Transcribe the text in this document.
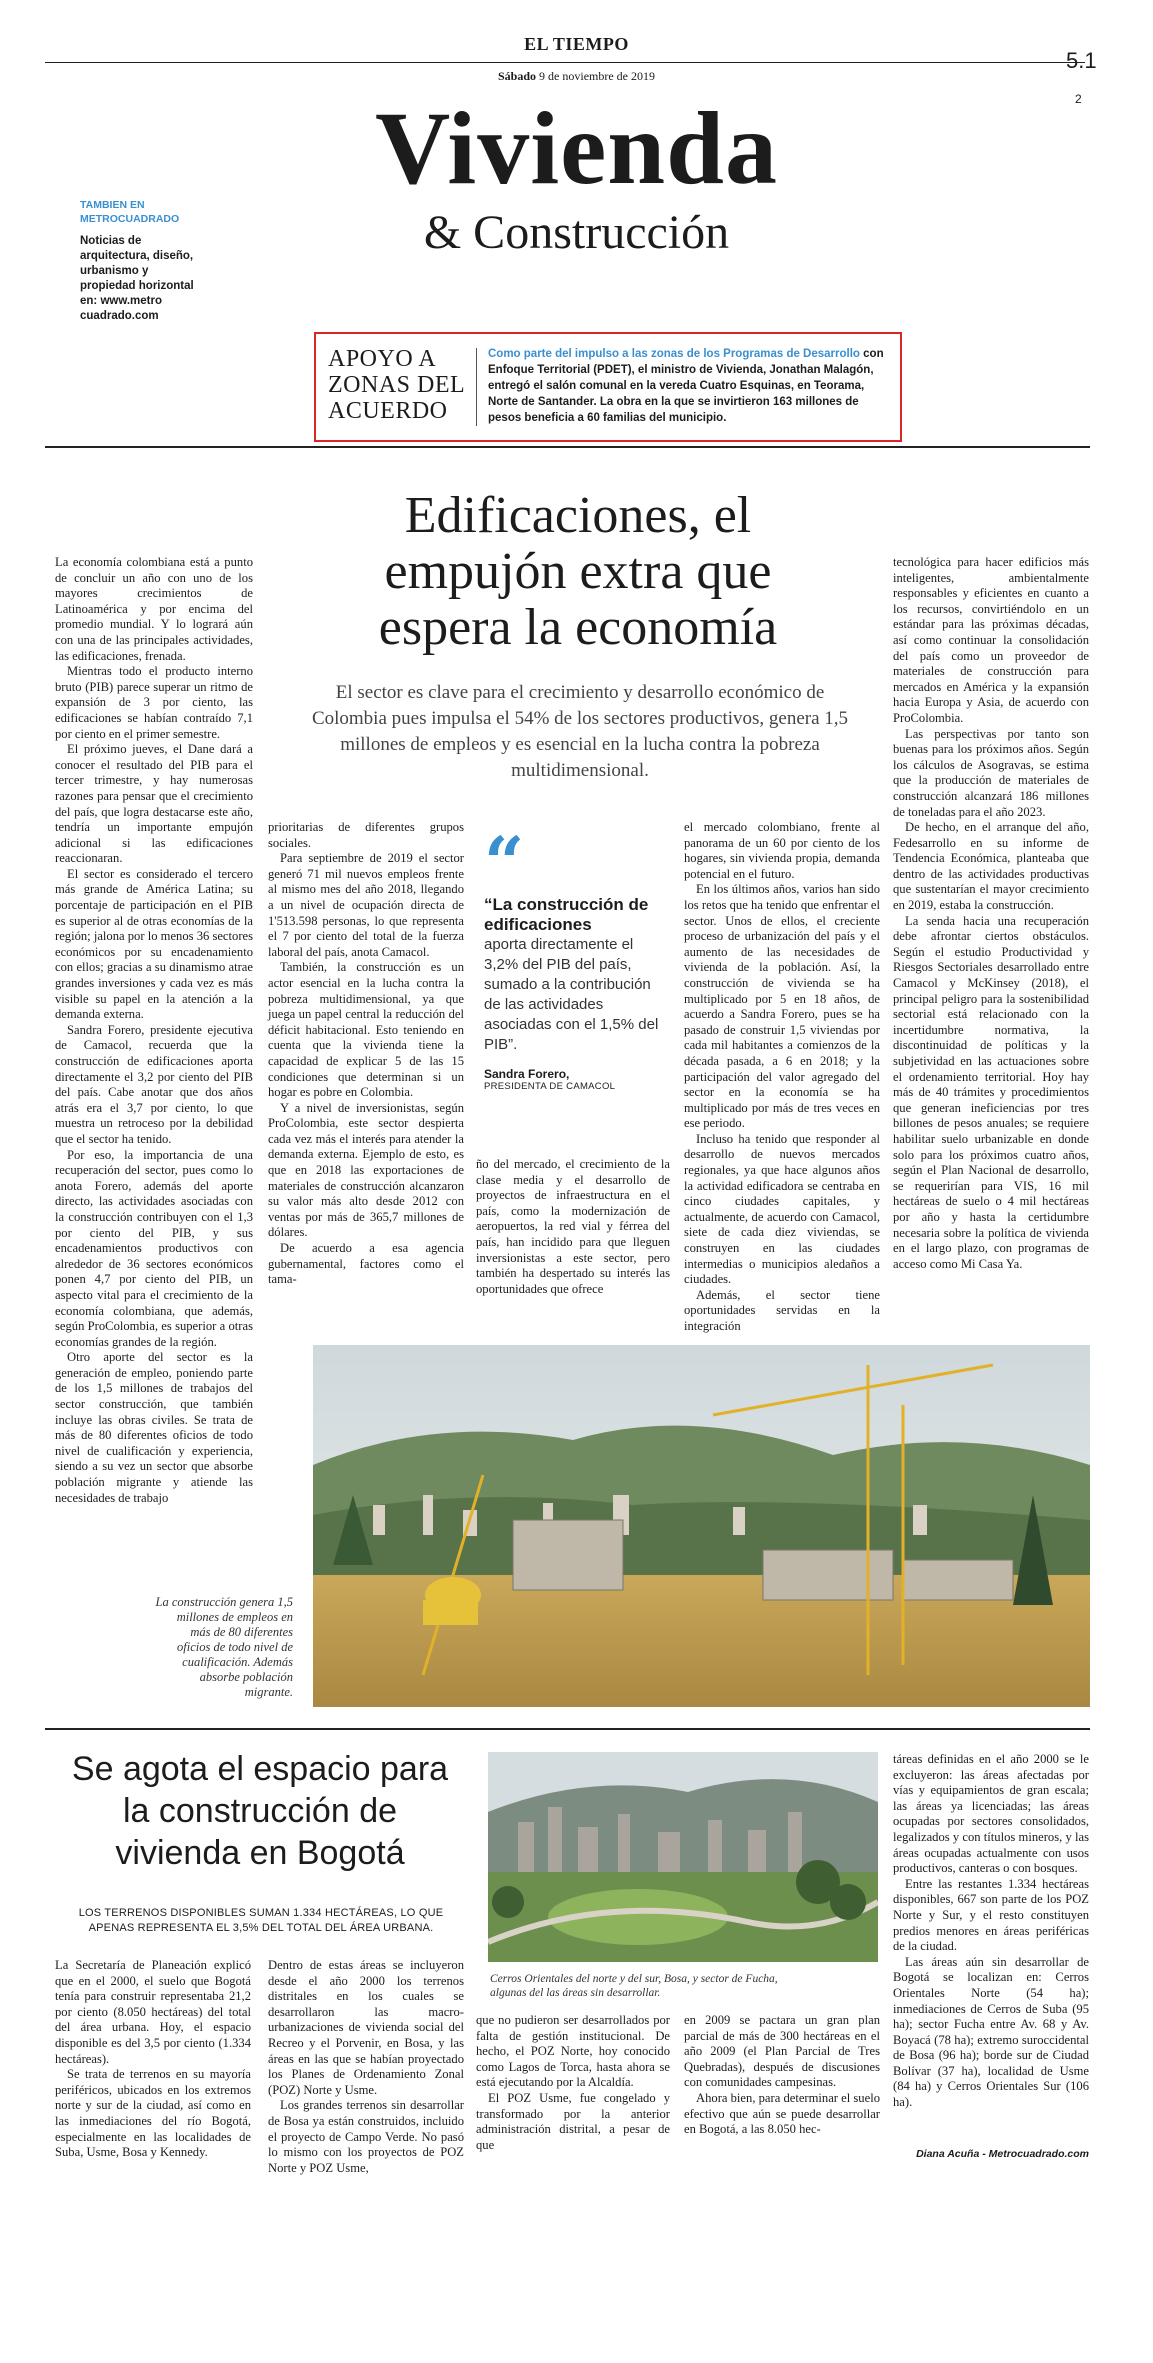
EL TIEMPO
Sábado 9 de noviembre de 2019
5.1
2
Vivienda
& Construcción
TAMBIEN EN METROCUADRADO
Noticias de arquitectura, diseño, urbanismo y propiedad horizontal en: www.metro cuadrado.com
APOYO A
ZONAS DEL
ACUERDO
Como parte del impulso a las zonas de los Programas de Desarrollo con Enfoque Territorial (PDET), el ministro de Vivienda, Jonathan Malagón, entregó el salón comunal en la vereda Cuatro Esquinas, en Teorama, Norte de Santander. La obra en la que se invirtieron 163 millones de pesos beneficia a 60 familias del municipio.
Edificaciones, el empujón extra que espera la economía
El sector es clave para el crecimiento y desarrollo económico de Colombia pues impulsa el 54% de los sectores productivos, genera 1,5 millones de empleos y es esencial en la lucha contra la pobreza multidimensional.

La economía colombiana está a punto de concluir un año con uno de los mayores crecimientos de Latinoamérica y por encima del promedio mundial. Y lo logrará aún con una de las principales actividades, las edificaciones, frenada.

Mientras todo el producto interno bruto (PIB) parece superar un ritmo de expansión de 3 por ciento, las edificaciones se habían contraído 7,1 por ciento en el primer semestre.

El próximo jueves, el Dane dará a conocer el resultado del PIB para el tercer trimestre, y hay numerosas razones para pensar que el crecimiento del país, que logra destacarse este año, tendría un importante empujón adicional si las edificaciones reaccionaran.

El sector es considerado el tercero más grande de América Latina; su porcentaje de participación en el PIB es superior al de otras economías de la región; jalona por lo menos 36 sectores económicos por su encadenamiento con ellos; gracias a su dinamismo atrae grandes inversiones y cada vez es más visible su papel en la atención a la demanda externa.

Sandra Forero, presidente ejecutiva de Camacol, recuerda que la construcción de edificaciones aporta directamente el 3,2 por ciento del PIB del país. Cabe anotar que dos años atrás era el 3,7 por ciento, lo que muestra un retroceso por la debilidad que el sector ha tenido.

Por eso, la importancia de una recuperación del sector, pues como lo anota Forero, además del aporte directo, las actividades asociadas con la construcción contribuyen con el 1,3 por ciento del PIB, y sus encadenamientos productivos con alrededor de 36 sectores económicos ponen 4,7 por ciento del PIB, un aspecto vital para el crecimiento de la economía colombiana, que además, según ProColombia, es superior a otras economías grandes de la región.

Otro aporte del sector es la generación de empleo, poniendo parte de los 1,5 millones de trabajos del sector construcción, que también incluye las obras civiles. Se trata de más de 80 diferentes oficios de todo nivel de cualificación y experiencia, siendo a su vez un sector que absorbe población migrante y atiende las necesidades de trabajo

prioritarias de diferentes grupos sociales.

Para septiembre de 2019 el sector generó 71 mil nuevos empleos frente al mismo mes del año 2018, llegando a un nivel de ocupación directa de 1'513.598 personas, lo que representa el 7 por ciento del total de la fuerza laboral del país, anota Camacol.

También, la construcción es un actor esencial en la lucha contra la pobreza multidimensional, ya que juega un papel central la reducción del déficit habitacional. Esto teniendo en cuenta que la vivienda tiene la capacidad de explicar 5 de las 15 condiciones que determinan si un hogar es pobre en Colombia.

Y a nivel de inversionistas, según ProColombia, este sector despierta cada vez más el interés para atender la demanda externa. Ejemplo de esto, es que en 2018 las exportaciones de materiales de construcción alcanzaron su valor más alto desde 2012 con ventas por más de 365,7 millones de dólares.

De acuerdo a esa agencia gubernamental, factores como el tama-

“
“La construcción de edificaciones
aporta directamente el 3,2% del PIB del país, sumado a la contribución de las actividades asociadas con el 1,5% del PIB”.
Sandra Forero,
PRESIDENTA DE CAMACOL

ño del mercado, el crecimiento de la clase media y el desarrollo de proyectos de infraestructura en el país, como la modernización de aeropuertos, la red vial y férrea del país, han incidido para que lleguen inversionistas a este sector, pero también ha despertado su interés las oportunidades que ofrece

el mercado colombiano, frente al panorama de un 60 por ciento de los hogares, sin vivienda propia, demanda potencial en el futuro.

En los últimos años, varios han sido los retos que ha tenido que enfrentar el sector. Unos de ellos, el creciente proceso de urbanización del país y el aumento de las necesidades de vivienda de la población. Así, la construcción de vivienda se ha multiplicado por 5 en 18 años, de acuerdo a Sandra Forero, pues se ha pasado de construir 1,5 viviendas por cada mil habitantes a comienzos de la década pasada, a 6 en 2018; y la participación del valor agregado del sector en la economía se ha multiplicado por más de tres veces en ese periodo.

Incluso ha tenido que responder al desarrollo de nuevos mercados regionales, ya que hace algunos años la actividad edificadora se centraba en cinco ciudades capitales, y actualmente, de acuerdo con Camacol, siete de cada diez viviendas, se construyen en las ciudades intermedias o municipios aledaños a ciudades.

Además, el sector tiene oportunidades servidas en la integración

tecnológica para hacer edificios más inteligentes, ambientalmente responsables y eficientes en cuanto a los recursos, convirtiéndolo en un estándar para las próximas décadas, así como continuar la consolidación del país como un proveedor de materiales de construcción para mercados en América y la expansión hacia Europa y Asia, de acuerdo con ProColombia.

Las perspectivas por tanto son buenas para los próximos años. Según los cálculos de Asogravas, se estima que la producción de materiales de construcción alcanzará 186 millones de toneladas para el año 2023.

De hecho, en el arranque del año, Fedesarrollo en su informe de Tendencia Económica, planteaba que dentro de las actividades productivas que sustentarían el mayor crecimiento en 2019, estaba la construcción.

La senda hacia una recuperación debe afrontar ciertos obstáculos. Según el estudio Productividad y Riesgos Sectoriales desarrollado entre Camacol y McKinsey (2018), el principal peligro para la sostenibilidad sectorial está relacionado con la incertidumbre normativa, la discontinuidad de políticas y la subjetividad en las actuaciones sobre el ordenamiento territorial. Hoy hay más de 40 trámites y procedimientos que generan ineficiencias por tres billones de pesos anuales; se requiere habilitar suelo urbanizable en donde solo para los próximos cuatro años, según el Plan Nacional de desarrollo, se requerirían para VIS, 16 mil hectáreas de suelo o 4 mil hectáreas por año y hasta la certidumbre necesaria sobre la política de vivienda en el largo plazo, con programas de acceso como Mi Casa Ya.

La construcción genera 1,5 millones de empleos en más de 80 diferentes oficios de todo nivel de cualificación. Además absorbe población migrante.
Se agota el espacio para la construcción de vivienda en Bogotá
LOS TERRENOS DISPONIBLES SUMAN 1.334 HECTÁREAS, LO QUE APENAS REPRESENTA EL 3,5% DEL TOTAL DEL ÁREA URBANA.

La Secretaría de Planeación explicó que en el 2000, el suelo que Bogotá tenía para construir representaba 21,2 por ciento (8.050 hectáreas) del total del área urbana. Hoy, el espacio disponible es del 3,5 por ciento (1.334 hectáreas).

Se trata de terrenos en su mayoría periféricos, ubicados en los extremos norte y sur de la ciudad, así como en las inmediaciones del río Bogotá, especialmente en las localidades de Suba, Usme, Bosa y Kennedy.

Dentro de estas áreas se incluyeron desde el año 2000 los terrenos distritales en los cuales se desarrollaron las macro-urbanizaciones de vivienda social del Recreo y el Porvenir, en Bosa, y las áreas en las que se habían proyectado los Planes de Ordenamiento Zonal (POZ) Norte y Usme.

Los grandes terrenos sin desarrollar de Bosa ya están construidos, incluido el proyecto de Campo Verde. No pasó lo mismo con los proyectos de POZ Norte y POZ Usme,

Cerros Orientales del norte y del sur, Bosa, y sector de Fucha, algunas del las áreas sin desarrollar.

que no pudieron ser desarrollados por falta de gestión institucional. De hecho, el POZ Norte, hoy conocido como Lagos de Torca, hasta ahora se está ejecutando por la Alcaldía.

El POZ Usme, fue congelado y transformado por la anterior administración distrital, a pesar de que

en 2009 se pactara un gran plan parcial de más de 300 hectáreas en el año 2009 (el Plan Parcial de Tres Quebradas), después de discusiones con comunidades campesinas.

Ahora bien, para determinar el suelo efectivo que aún se puede desarrollar en Bogotá, a las 8.050 hec-

táreas definidas en el año 2000 se le excluyeron: las áreas afectadas por vías y equipamientos de gran escala; las áreas ya licenciadas; las áreas ocupadas por sectores consolidados, legalizados y con títulos mineros, y las áreas ocupadas actualmente con usos productivos, canteras o con bosques.

Entre las restantes 1.334 hectáreas disponibles, 667 son parte de los POZ Norte y Sur, y el resto constituyen predios menores en áreas periféricas de la ciudad.

Las áreas aún sin desarrollar de Bogotá se localizan en: Cerros Orientales Norte (54 ha); inmediaciones de Cerros de Suba (95 ha); sector Fucha entre Av. 68 y Av. Boyacá (78 ha); extremo suroccidental de Bosa (96 ha); borde sur de Ciudad Bolívar (37 ha), localidad de Usme (84 ha) y Cerros Orientales Sur (106 ha).

Diana Acuña - Metrocuadrado.com
